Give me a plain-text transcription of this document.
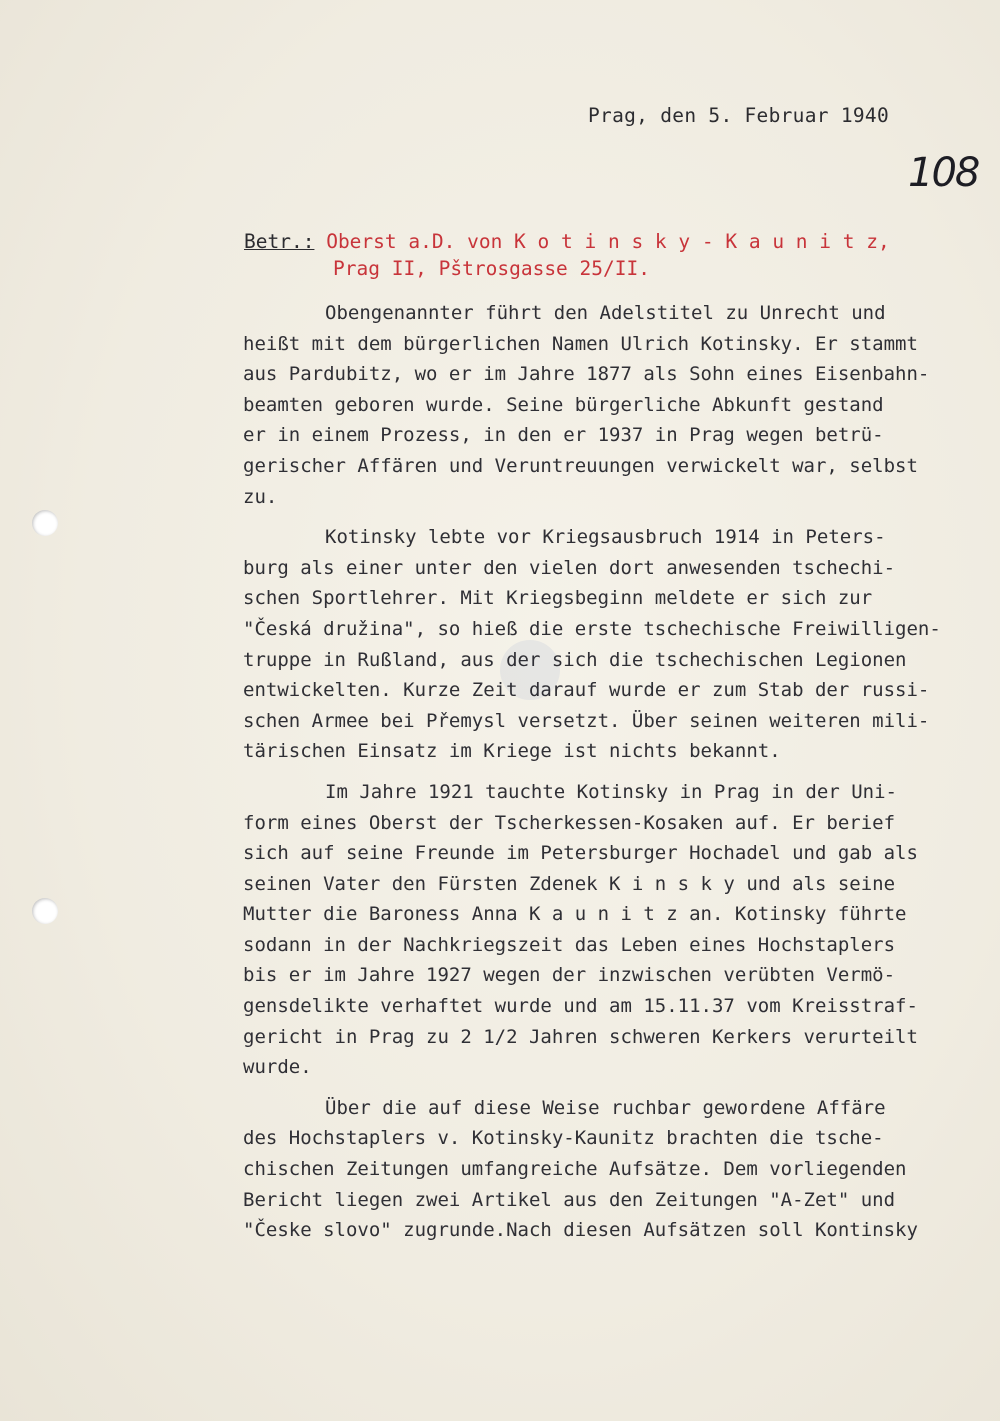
Prag, den 5. Februar 1940
108
Betr.: Oberst a.D. von K o t i n s k y - K a u n i t z,
Prag II, Pštrosgasse 25/II.
Obengenannter führt den Adelstitel zu Unrecht und
heißt mit dem bürgerlichen Namen Ulrich Kotinsky. Er stammt
aus Pardubitz, wo er im Jahre 1877 als Sohn eines Eisenbahn-
beamten geboren wurde. Seine bürgerliche Abkunft gestand
er in einem Prozess, in den er 1937 in Prag wegen betrü-
gerischer Affären und Veruntreuungen verwickelt war, selbst
zu.
Kotinsky lebte vor Kriegsausbruch 1914 in Peters-
burg als einer unter den vielen dort anwesenden tschechi-
schen Sportlehrer. Mit Kriegsbeginn meldete er sich zur
"Česká družina", so hieß die erste tschechische Freiwilligen-
truppe in Rußland, aus der sich die tschechischen Legionen
entwickelten. Kurze Zeit darauf wurde er zum Stab der russi-
schen Armee bei Přemysl versetzt. Über seinen weiteren mili-
tärischen Einsatz im Kriege ist nichts bekannt.
Im Jahre 1921 tauchte Kotinsky in Prag in der Uni-
form eines Oberst der Tscherkessen-Kosaken auf. Er berief
sich auf seine Freunde im Petersburger Hochadel und gab als
seinen Vater den Fürsten Zdenek K i n s k y und als seine
Mutter die Baroness Anna K a u n i t z an. Kotinsky führte
sodann in der Nachkriegszeit das Leben eines Hochstaplers
bis er im Jahre 1927 wegen der inzwischen verübten Vermö-
gensdelikte verhaftet wurde und am 15.11.37 vom Kreisstraf-
gericht in Prag zu 2 1/2 Jahren schweren Kerkers verurteilt
wurde.
Über die auf diese Weise ruchbar gewordene Affäre
des Hochstaplers v. Kotinsky-Kaunitz brachten die tsche-
chischen Zeitungen umfangreiche Aufsätze. Dem vorliegenden
Bericht liegen zwei Artikel aus den Zeitungen "A-Zet" und
"Česke slovo" zugrunde.Nach diesen Aufsätzen soll Kontinsky
